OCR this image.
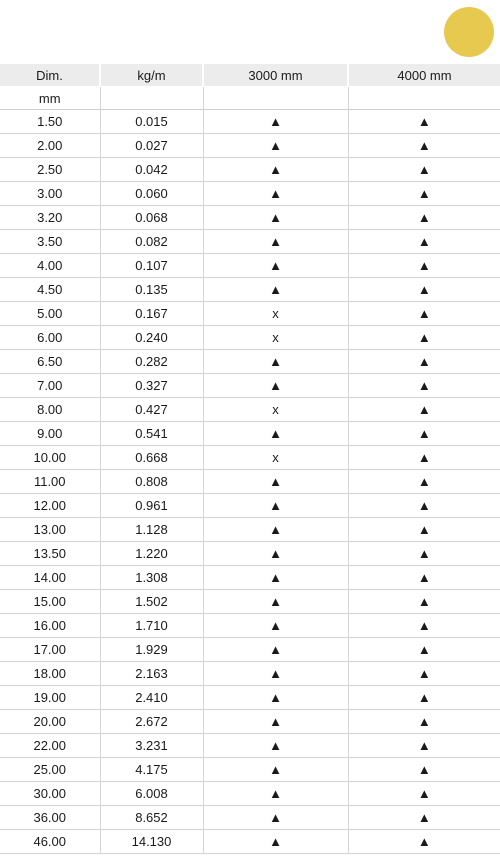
Dim.	kg/m	3000 mm	4000 mm
mm			
1.50	0.015	▲	▲
2.00	0.027	▲	▲
2.50	0.042	▲	▲
3.00	0.060	▲	▲
3.20	0.068	▲	▲
3.50	0.082	▲	▲
4.00	0.107	▲	▲
4.50	0.135	▲	▲
5.00	0.167	x	▲
6.00	0.240	x	▲
6.50	0.282	▲	▲
7.00	0.327	▲	▲
8.00	0.427	x	▲
9.00	0.541	▲	▲
10.00	0.668	x	▲
11.00	0.808	▲	▲
12.00	0.961	▲	▲
13.00	1.128	▲	▲
13.50	1.220	▲	▲
14.00	1.308	▲	▲
15.00	1.502	▲	▲
16.00	1.710	▲	▲
17.00	1.929	▲	▲
18.00	2.163	▲	▲
19.00	2.410	▲	▲
20.00	2.672	▲	▲
22.00	3.231	▲	▲
25.00	4.175	▲	▲
30.00	6.008	▲	▲
36.00	8.652	▲	▲
46.00	14.130	▲	▲
